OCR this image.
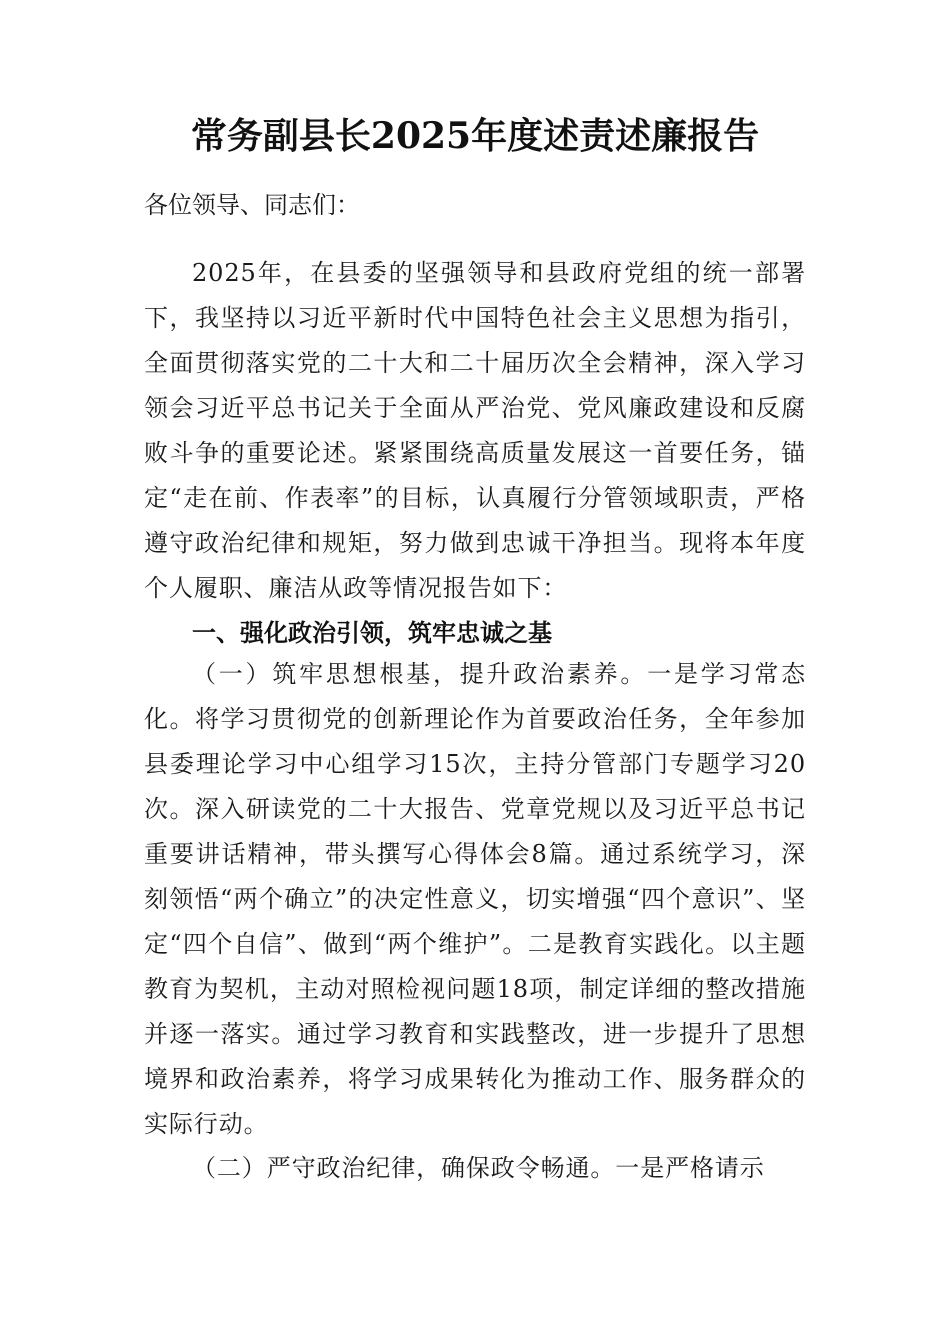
常务副县长2025年度述责述廉报告
各位领导、同志们：
2025年，在县委的坚强领导和县政府党组的统一部署下，我坚持以习近平新时代中国特色社会主义思想为指引，全面贯彻落实党的二十大和二十届历次全会精神，深入学习领会习近平总书记关于全面从严治党、党风廉政建设和反腐败斗争的重要论述。紧紧围绕高质量发展这一首要任务，锚定“走在前、作表率”的目标，认真履行分管领域职责，严格遵守政治纪律和规矩，努力做到忠诚干净担当。现将本年度个人履职、廉洁从政等情况报告如下：
一、强化政治引领，筑牢忠诚之基
（一）筑牢思想根基，提升政治素养。一是学习常态化。将学习贯彻党的创新理论作为首要政治任务，全年参加县委理论学习中心组学习15次，主持分管部门专题学习20次。深入研读党的二十大报告、党章党规以及习近平总书记重要讲话精神，带头撰写心得体会8篇。通过系统学习，深刻领悟“两个确立”的决定性意义，切实增强“四个意识”、坚定“四个自信”、做到“两个维护”。二是教育实践化。以主题教育为契机，主动对照检视问题18项，制定详细的整改措施并逐一落实。通过学习教育和实践整改，进一步提升了思想境界和政治素养，将学习成果转化为推动工作、服务群众的实际行动。
（二）严守政治纪律，确保政令畅通。一是严格请示
